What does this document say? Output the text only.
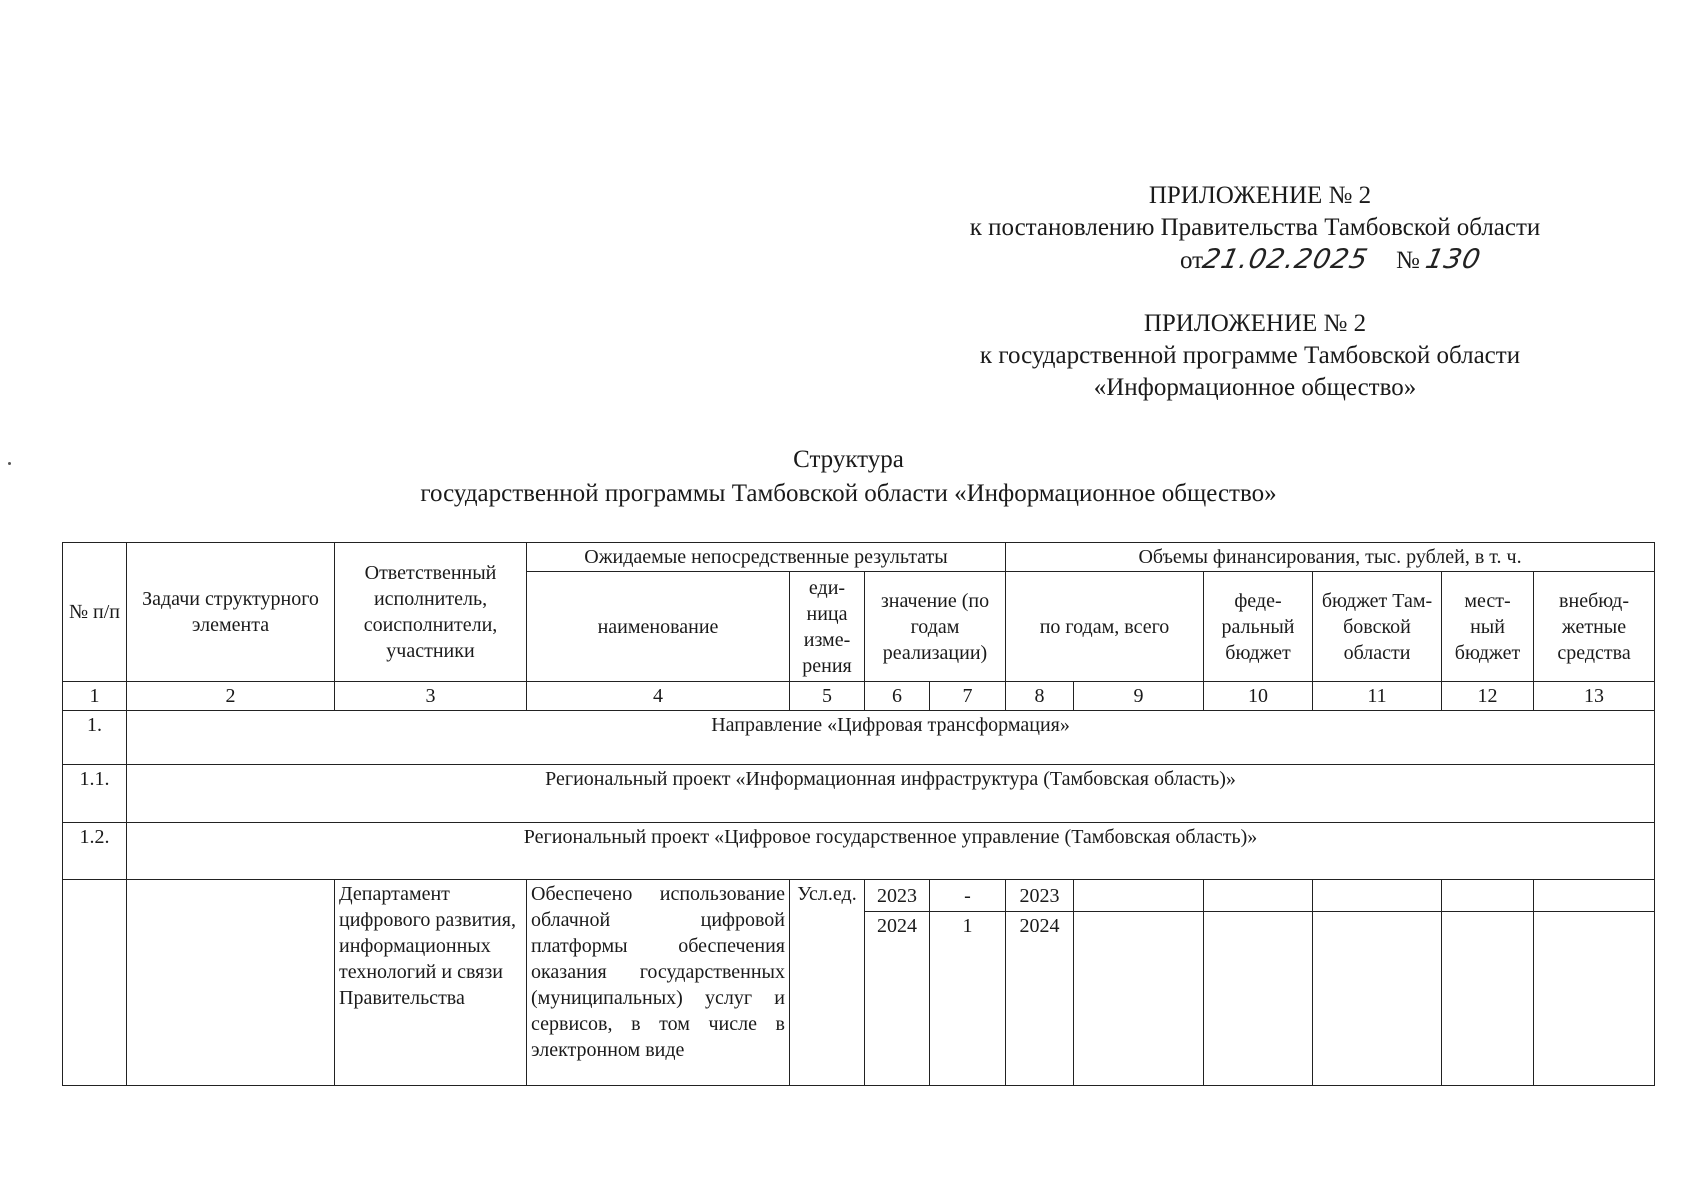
ПРИЛОЖЕНИЕ № 2
к постановлению Правительства Тамбовской области
от21.02.2025 № 130
ПРИЛОЖЕНИЕ № 2
к государственной программе Тамбовской области
«Информационное общество»
Структура
государственной программы Тамбовской области «Информационное общество»
№ п/п	Задачи структурного элемента	Ответственный исполнитель, соисполнители, участники	Ожидаемые непосредственные результаты				Объемы финансирования, тыс. рублей, в т. ч.					
			наименование	еди- ница изме- рения	значение (по годам реализации)		по годам, всего		феде- ральный бюджет	бюджет Там- бовской области	мест- ный бюджет	внебюд- жетные средства
1	2	3	4	5	6	7	8	9	10	11	12	13
1.	Направление «Цифровая трансформация»											
1.1.	Региональный проект «Информационная инфраструктура (Тамбовская область)»											
1.2.	Региональный проект «Цифровое государственное управление (Тамбовская область)»											
		Департамент цифрового развития, информационных технологий и связи Правительства	Обеспечено использование облачной цифровой платформы обеспечения оказания государственных (муниципальных) услуг и сервисов, в том числе в электронном виде	Усл.ед.	2023	-	2023					
					2024	1	2024					
